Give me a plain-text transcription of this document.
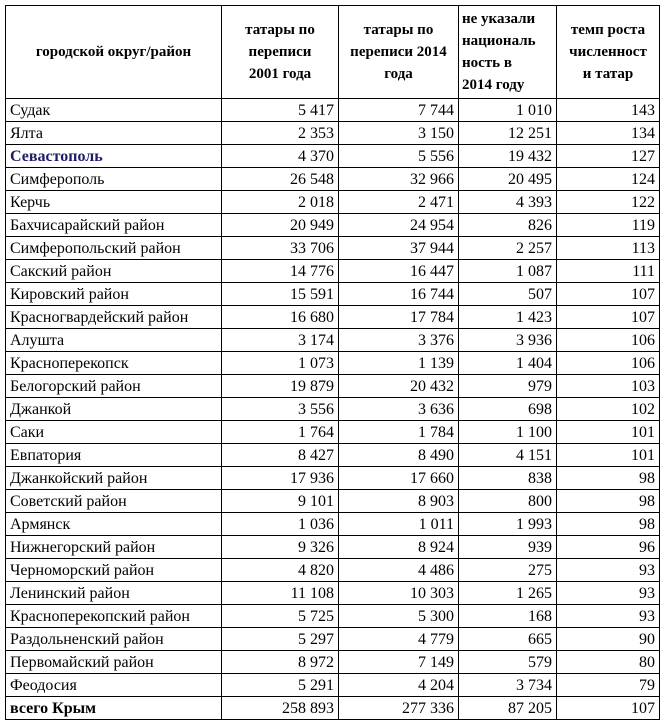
городской округ/район	татары по
переписи
2001 года	татары по
переписи 2014
года	не указали
националь
ность в
2014 году	темп роста
численност
и татар

Судак	5 417	7 744	1 010	143
Ялта	2 353	3 150	12 251	134
Севастополь	4 370	5 556	19 432	127
Симферополь	26 548	32 966	20 495	124
Керчь	2 018	2 471	4 393	122
Бахчисарайский район	20 949	24 954	826	119
Симферопольский район	33 706	37 944	2 257	113
Сакский район	14 776	16 447	1 087	111
Кировский район	15 591	16 744	507	107
Красногвардейский район	16 680	17 784	1 423	107
Алушта	3 174	3 376	3 936	106
Красноперекопск	1 073	1 139	1 404	106
Белогорский район	19 879	20 432	979	103
Джанкой	3 556	3 636	698	102
Саки	1 764	1 784	1 100	101
Евпатория	8 427	8 490	4 151	101
Джанкойский район	17 936	17 660	838	98
Советский район	9 101	8 903	800	98
Армянск	1 036	1 011	1 993	98
Нижнегорский район	9 326	8 924	939	96
Черноморский район	4 820	4 486	275	93
Ленинский район	11 108	10 303	1 265	93
Красноперекопский район	5 725	5 300	168	93
Раздольненский район	5 297	4 779	665	90
Первомайский район	8 972	7 149	579	80
Феодосия	5 291	4 204	3 734	79
всего Крым	258 893	277 336	87 205	107
